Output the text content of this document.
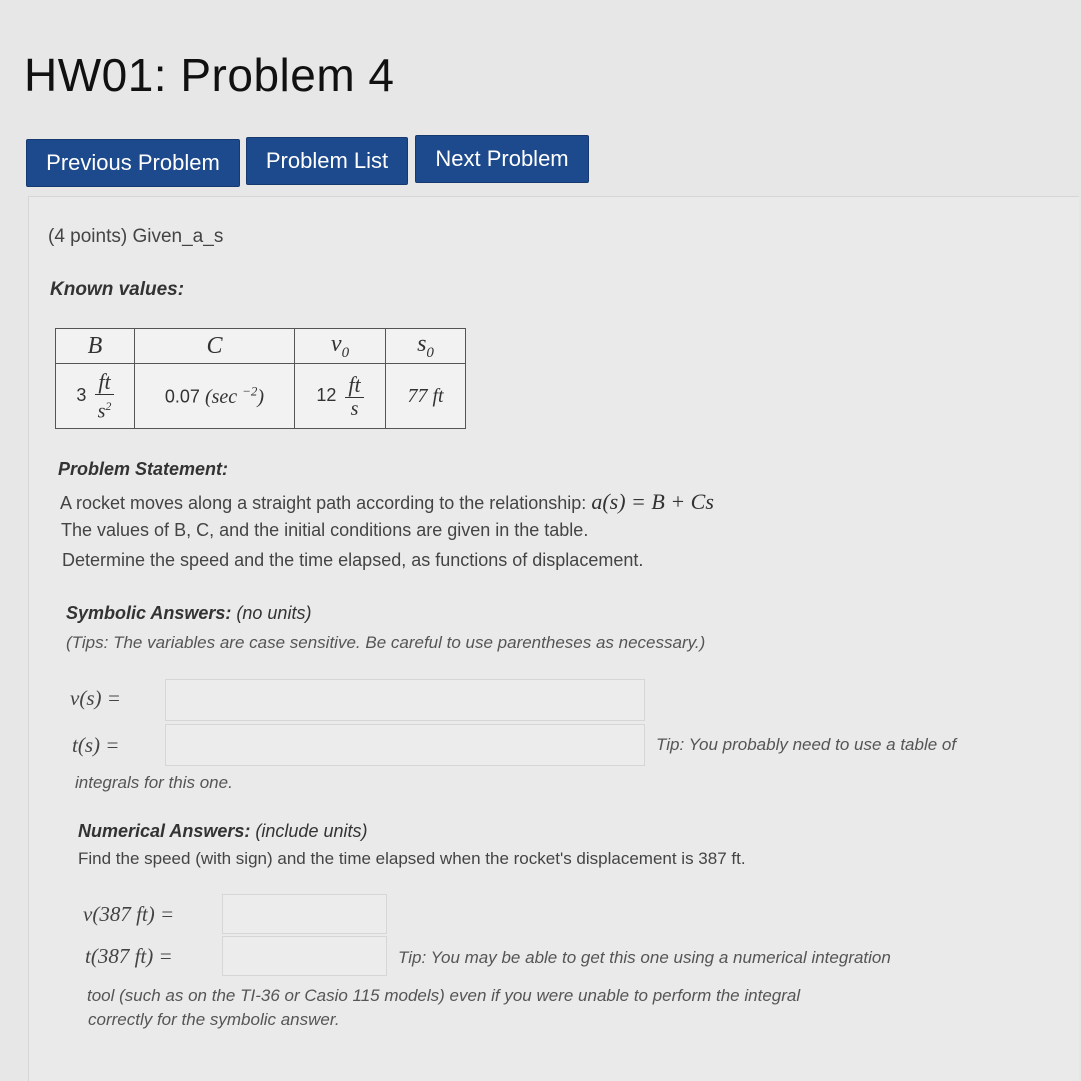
HW01: Problem 4
Previous Problem	Problem List	Next Problem
(4 points) Given_a_s
Known values:
B	C	$v_0$	$s_0$
$3 \frac{ft}{s^2}$	0.07 (sec $^{-2}$)	$12 \frac{ft}{s}$	77 ft
Problem Statement:
A rocket moves along a straight path according to the relationship: a(s) = B + Cs
The values of B, C, and the initial conditions are given in the table.
Determine the speed and the time elapsed, as functions of displacement.
Symbolic Answers: (no units)
(Tips: The variables are case sensitive. Be careful to use parentheses as necessary.)
v(s) =
t(s) =	Tip: You probably need to use a table of
integrals for this one.
Numerical Answers: (include units)
Find the speed (with sign) and the time elapsed when the rocket's displacement is 387 ft.
v(387 ft) =
t(387 ft) =	Tip: You may be able to get this one using a numerical integration
tool (such as on the TI-36 or Casio 115 models) even if you were unable to perform the integral
correctly for the symbolic answer.
